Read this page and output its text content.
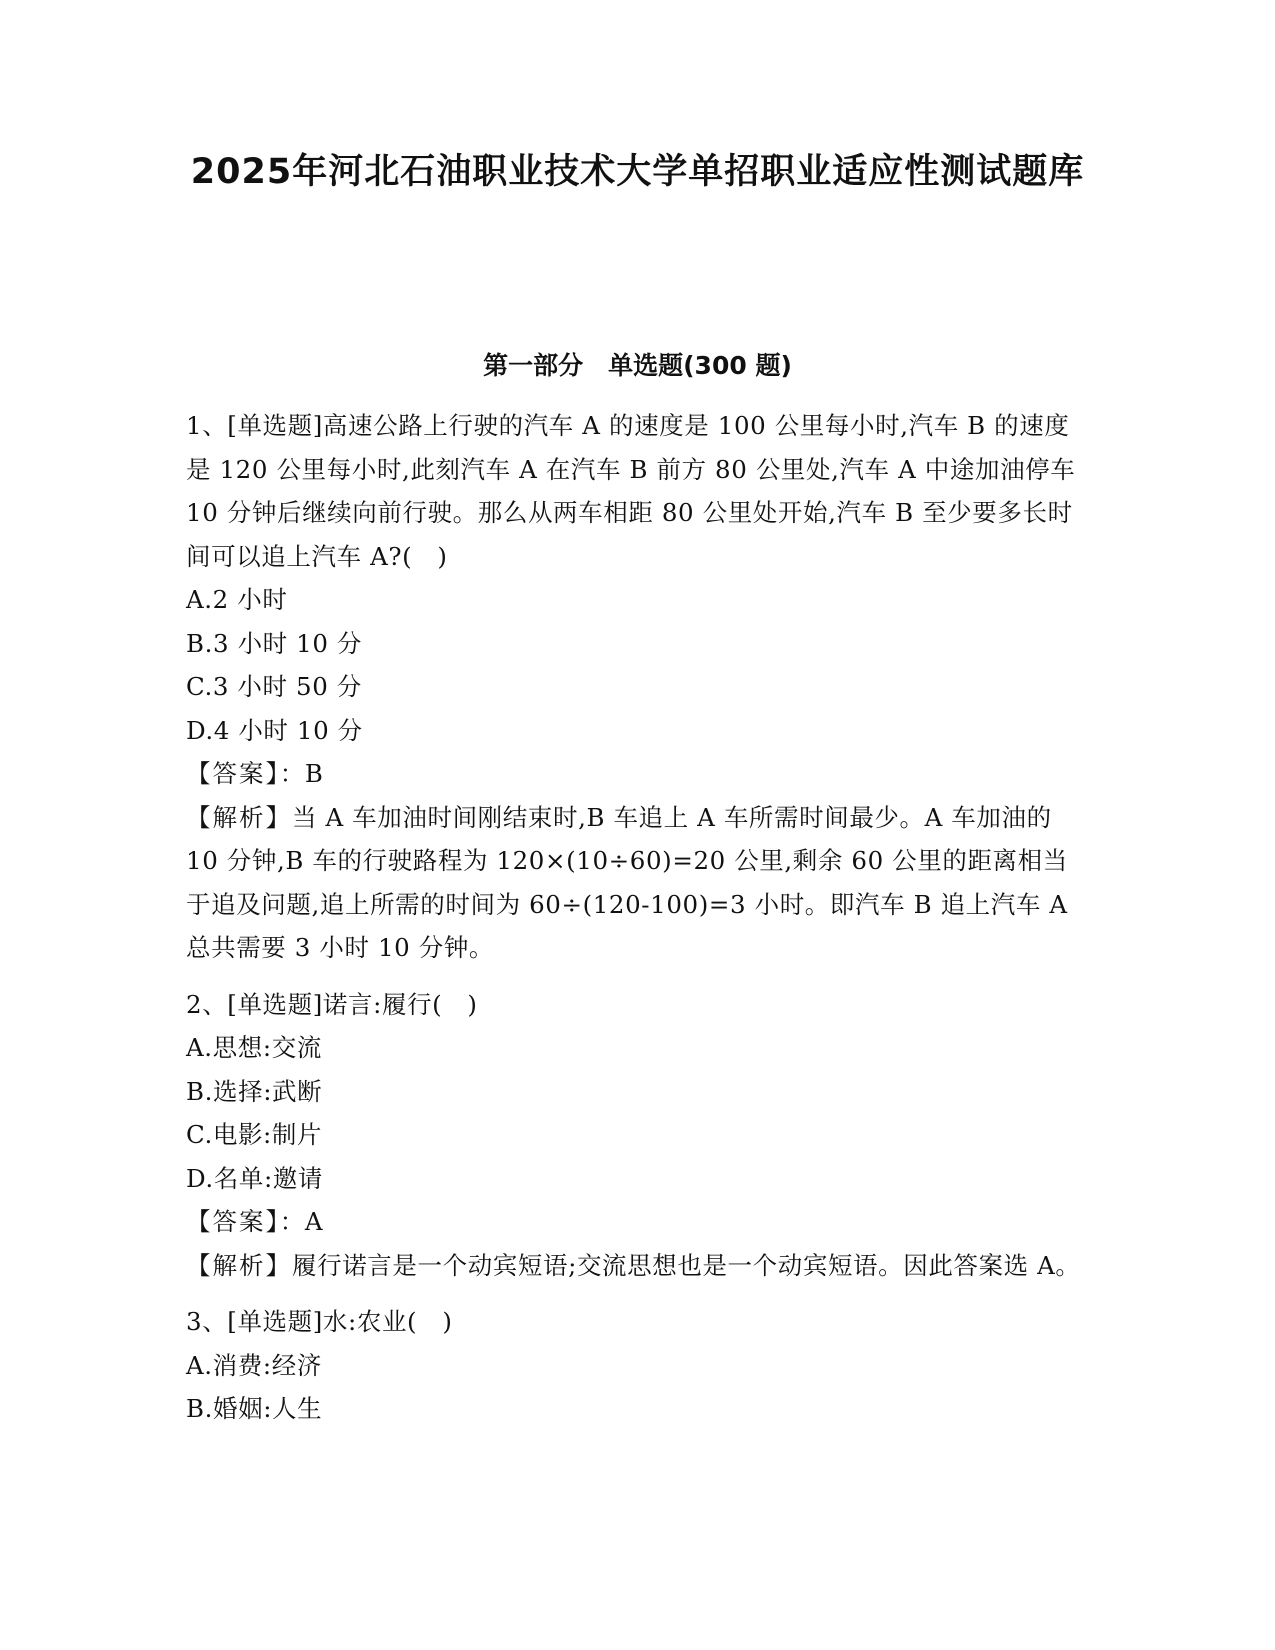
2025年河北石油职业技术大学单招职业适应性测试题库
第一部分　单选题(300 题)

1、[单选题]高速公路上行驶的汽车 A 的速度是 100 公里每小时,汽车 B 的速度是 120 公里每小时,此刻汽车 A 在汽车 B 前方 80 公里处,汽车 A 中途加油停车 10 分钟后继续向前行驶。那么从两车相距 80 公里处开始,汽车 B 至少要多长时间可以追上汽车 A?(　)

A.2 小时

B.3 小时 10 分

C.3 小时 50 分

D.4 小时 10 分

【答案】：B

【解析】当 A 车加油时间刚结束时,B 车追上 A 车所需时间最少。A 车加油的 10 分钟,B 车的行驶路程为 120×(10÷60)=20 公里,剩余 60 公里的距离相当于追及问题,追上所需的时间为 60÷(120-100)=3 小时。即汽车 B 追上汽车 A 总共需要 3 小时 10 分钟。

2、[单选题]诺言:履行(　)

A.思想:交流

B.选择:武断

C.电影:制片

D.名单:邀请

【答案】：A

【解析】履行诺言是一个动宾短语;交流思想也是一个动宾短语。因此答案选 A。

3、[单选题]水:农业(　)

A.消费:经济

B.婚姻:人生
